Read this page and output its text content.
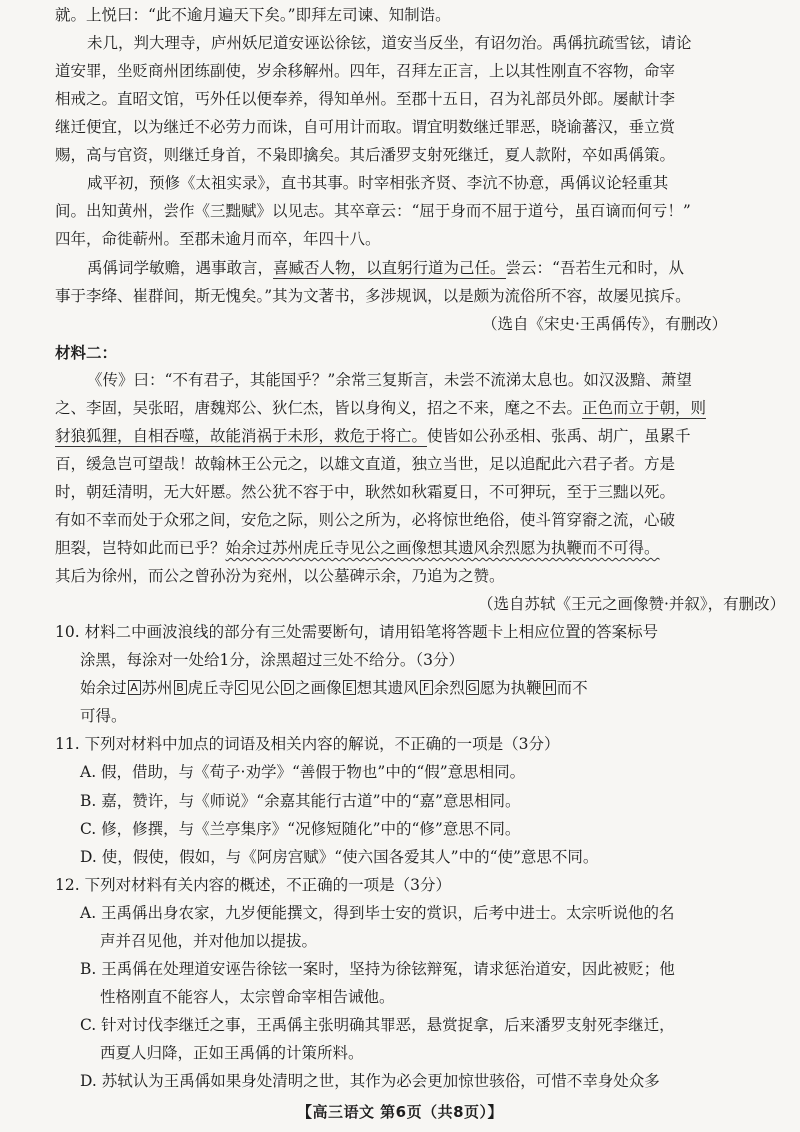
就。上悦曰：“此不逾月遍天下矣。”即拜左司谏、知制诰。
未几，判大理寺，庐州妖尼道安诬讼徐铉，道安当反坐，有诏勿治。禹偁抗疏雪铉，请论
道安罪，坐贬商州团练副使，岁余移解州。四年，召拜左正言，上以其性刚直不容物，命宰
相戒之。直昭文馆，丐外任以便奉养，得知单州。至郡十五日，召为礼部员外郎。屡献计李
继迁便宜，以为继迁不必劳力而诛，自可用计而取。谓宜明数继迁罪恶，晓谕蕃汉，垂立赏
赐，高与官资，则继迁身首，不枭即擒矣。其后潘罗支射死继迁，夏人款附，卒如禹偁策。
咸平初，预修《太祖实录》，直书其事。时宰相张齐贤、李沆不协意，禹偁议论轻重其
间。出知黄州，尝作《三黜赋》以见志。其卒章云：“屈于身而不屈于道兮，虽百谪而何亏！”
四年，命徙蕲州。至郡未逾月而卒，年四十八。
禹偁词学敏赡，遇事敢言，喜臧否人物，以直躬行道为己任。尝云：“吾若生元和时，从
事于李绛、崔群间，斯无愧矣。”其为文著书，多涉规讽，以是颇为流俗所不容，故屡见摈斥。
（选自《宋史·王禹偁传》，有删改）
材料二：
《传》曰：“不有君子，其能国乎？”余常三复斯言，未尝不流涕太息也。如汉汲黯、萧望
之、李固，吴张昭，唐魏郑公、狄仁杰，皆以身徇义，招之不来，麾之不去。正色而立于朝，则
豺狼狐狸，自相吞噬，故能消祸于未形，救危于将亡。使皆如公孙丞相、张禹、胡广，虽累千
百，缓急岂可望哉！故翰林王公元之，以雄文直道，独立当世，足以追配此六君子者。方是
时，朝廷清明，无大奸慝。然公犹不容于中，耿然如秋霜夏日，不可狎玩，至于三黜以死。
有如不幸而处于众邪之间，安危之际，则公之所为，必将惊世绝俗，使斗筲穿窬之流，心破
胆裂，岂特如此而已乎？始余过苏州虎丘寺见公之画像想其遗风余烈愿为执鞭而不可得。
其后为徐州，而公之曾孙汾为兖州，以公墓碑示余，乃追为之赞。
（选自苏轼《王元之画像赞·并叙》，有删改）
10. 材料二中画波浪线的部分有三处需要断句，请用铅笔将答题卡上相应位置的答案标号
涂黑，每涂对一处给1分，涂黑超过三处不给分。（3分）
始余过 A 苏州 B 虎丘寺 C 见公 D 之画像 E 想其遗风 F 余烈 G 愿为执鞭 H 而不
可得。
11. 下列对材料中加点的词语及相关内容的解说，不正确的一项是（3分）
A. 假，借助，与《荀子·劝学》“善假于物也”中的“假”意思相同。
B. 嘉，赞许，与《师说》“余嘉其能行古道”中的“嘉”意思相同。
C. 修，修撰，与《兰亭集序》“况修短随化”中的“修”意思不同。
D. 使，假使，假如，与《阿房宫赋》“使六国各爱其人”中的“使”意思不同。
12. 下列对材料有关内容的概述，不正确的一项是（3分）
A. 王禹偁出身农家，九岁便能撰文，得到毕士安的赏识，后考中进士。太宗听说他的名
声并召见他，并对他加以提拔。
B. 王禹偁在处理道安诬告徐铉一案时，坚持为徐铉辩冤，请求惩治道安，因此被贬；他
性格刚直不能容人，太宗曾命宰相告诫他。
C. 针对讨伐李继迁之事，王禹偁主张明确其罪恶，悬赏捉拿，后来潘罗支射死李继迁，
西夏人归降，正如王禹偁的计策所料。
D. 苏轼认为王禹偁如果身处清明之世，其作为必会更加惊世骇俗，可惜不幸身处众多
【高三语文 第6页（共8页）】
